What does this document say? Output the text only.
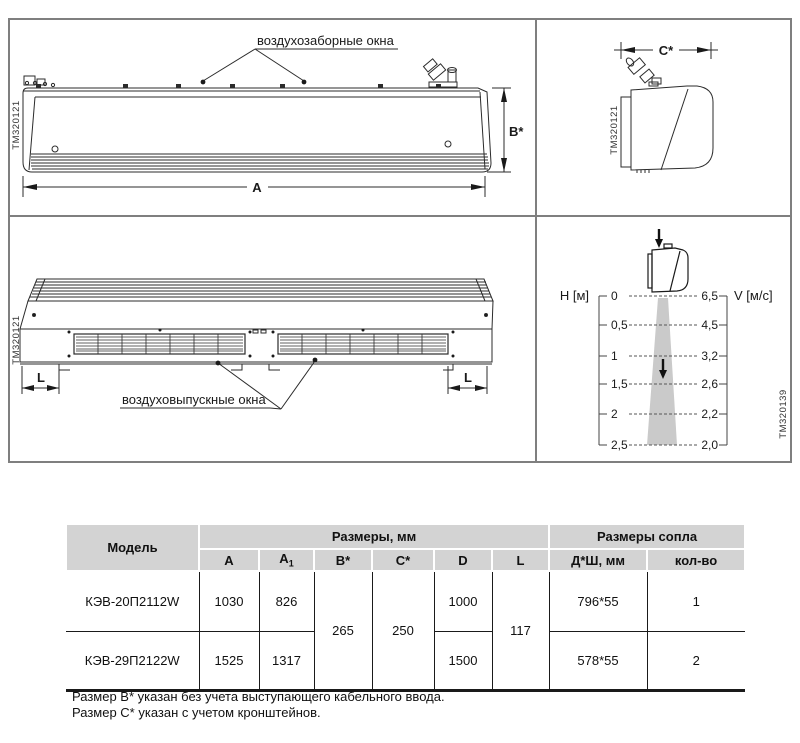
воздухозаборные окна
A
B*
TM320121
C*
TM320121
L	L
воздуховыпускные окна
TM320121
H [м]	V [м/с]
0
0,5
1
1,5
2
2,5
6,5
4,5
3,2
2,6
2,2
2,0
TM320139
Модель	Размеры, мм						Размеры сопла	
	A	$A_1$	B*	C*	D	L	Д*Ш, мм	кол-во
КЭВ-20П2112W	1030	826	265	250	1000	117	796*55	1
КЭВ-29П2122W	1525	1317			1500		578*55	2
Размер B* указан без учета выступающего кабельного ввода.
Размер C* указан с учетом кронштейнов.
